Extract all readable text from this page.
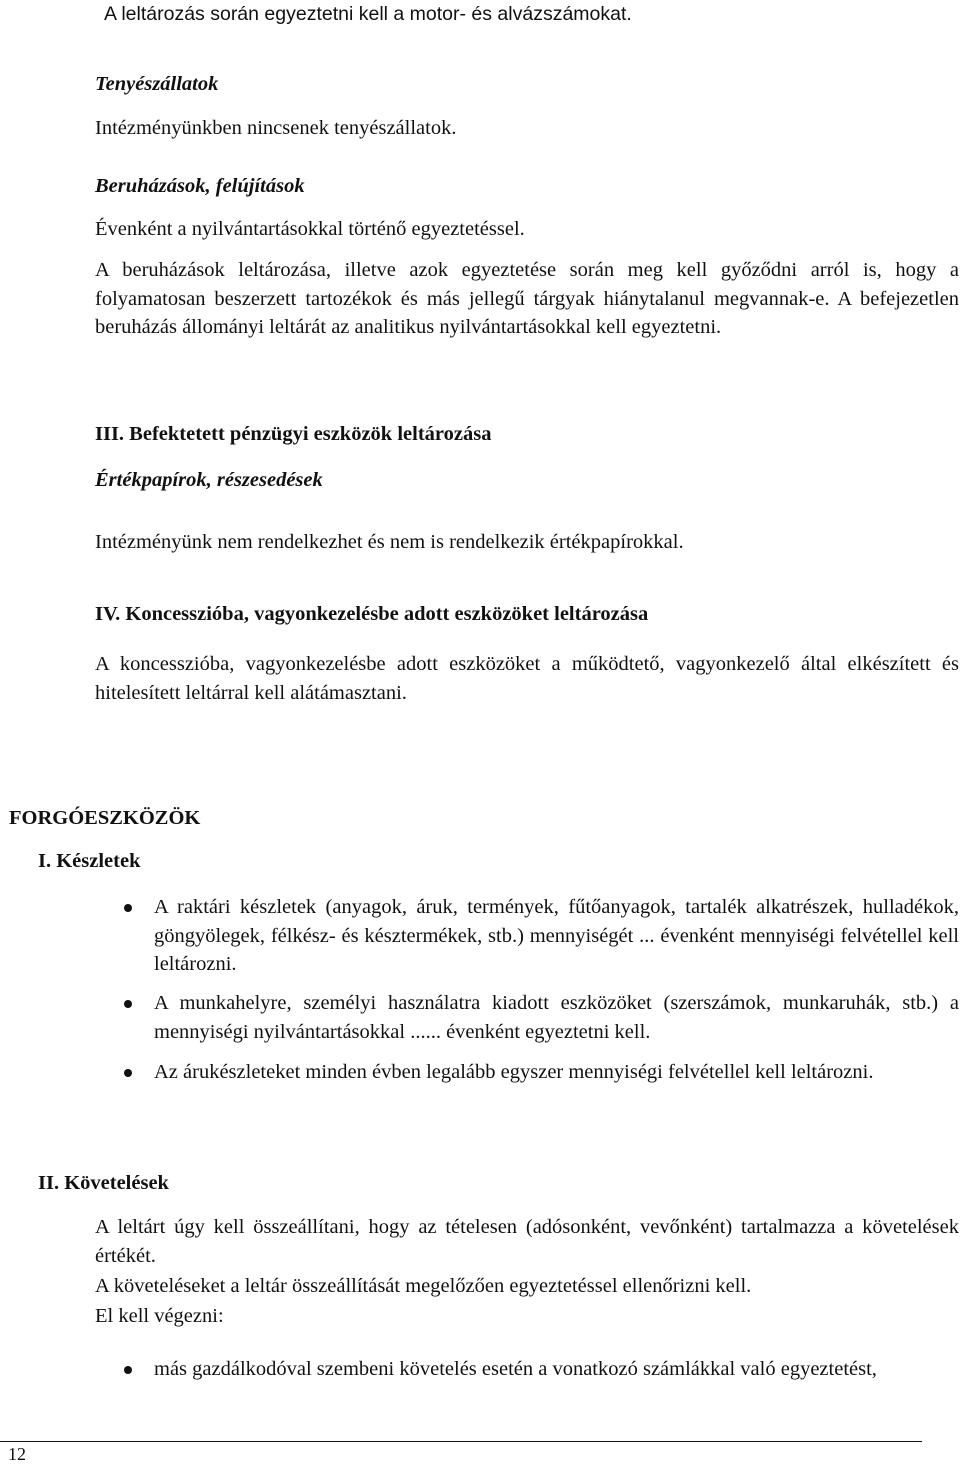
A leltározás során egyeztetni kell a motor- és alvázszámokat.

Tenyészállatok

Intézményünkben nincsenek tenyészállatok.

Beruházások, felújítások

Évenként a nyilvántartásokkal történő egyeztetéssel.

A beruházások leltározása, illetve azok egyeztetése során meg kell győződni arról is, hogy a folyamatosan beszerzett tartozékok és más jellegű tárgyak hiánytalanul megvannak-e. A befejezetlen beruházás állományi leltárát az analitikus nyilvántartásokkal kell egyeztetni.

III. Befektetett pénzügyi eszközök leltározása

Értékpapírok, részesedések

Intézményünk nem rendelkezhet és nem is rendelkezik értékpapírokkal.

IV. Koncesszióba, vagyonkezelésbe adott eszközöket leltározása

A koncesszióba, vagyonkezelésbe adott eszközöket a működtető, vagyonkezelő által elkészített és hitelesített leltárral kell alátámasztani.

FORGÓESZKÖZÖK

I. Készletek

A raktári készletek (anyagok, áruk, termények, fűtőanyagok, tartalék alkatrészek, hulladékok, göngyölegek, félkész- és késztermékek, stb.) mennyiségét ... évenként mennyiségi felvétellel kell leltározni.

A munkahelyre, személyi használatra kiadott eszközöket (szerszámok, munkaruhák, stb.) a mennyiségi nyilvántartásokkal ...... évenként egyeztetni kell.

Az árukészleteket minden évben legalább egyszer mennyiségi felvétellel kell leltározni.

II. Követelések

A leltárt úgy kell összeállítani, hogy az tételesen (adósonként, vevőnként) tartalmazza a követelések értékét.

A követeléseket a leltár összeállítását megelőzően egyeztetéssel ellenőrizni kell.

El kell végezni:

más gazdálkodóval szembeni követelés esetén a vonatkozó számlákkal való egyeztetést,

12
